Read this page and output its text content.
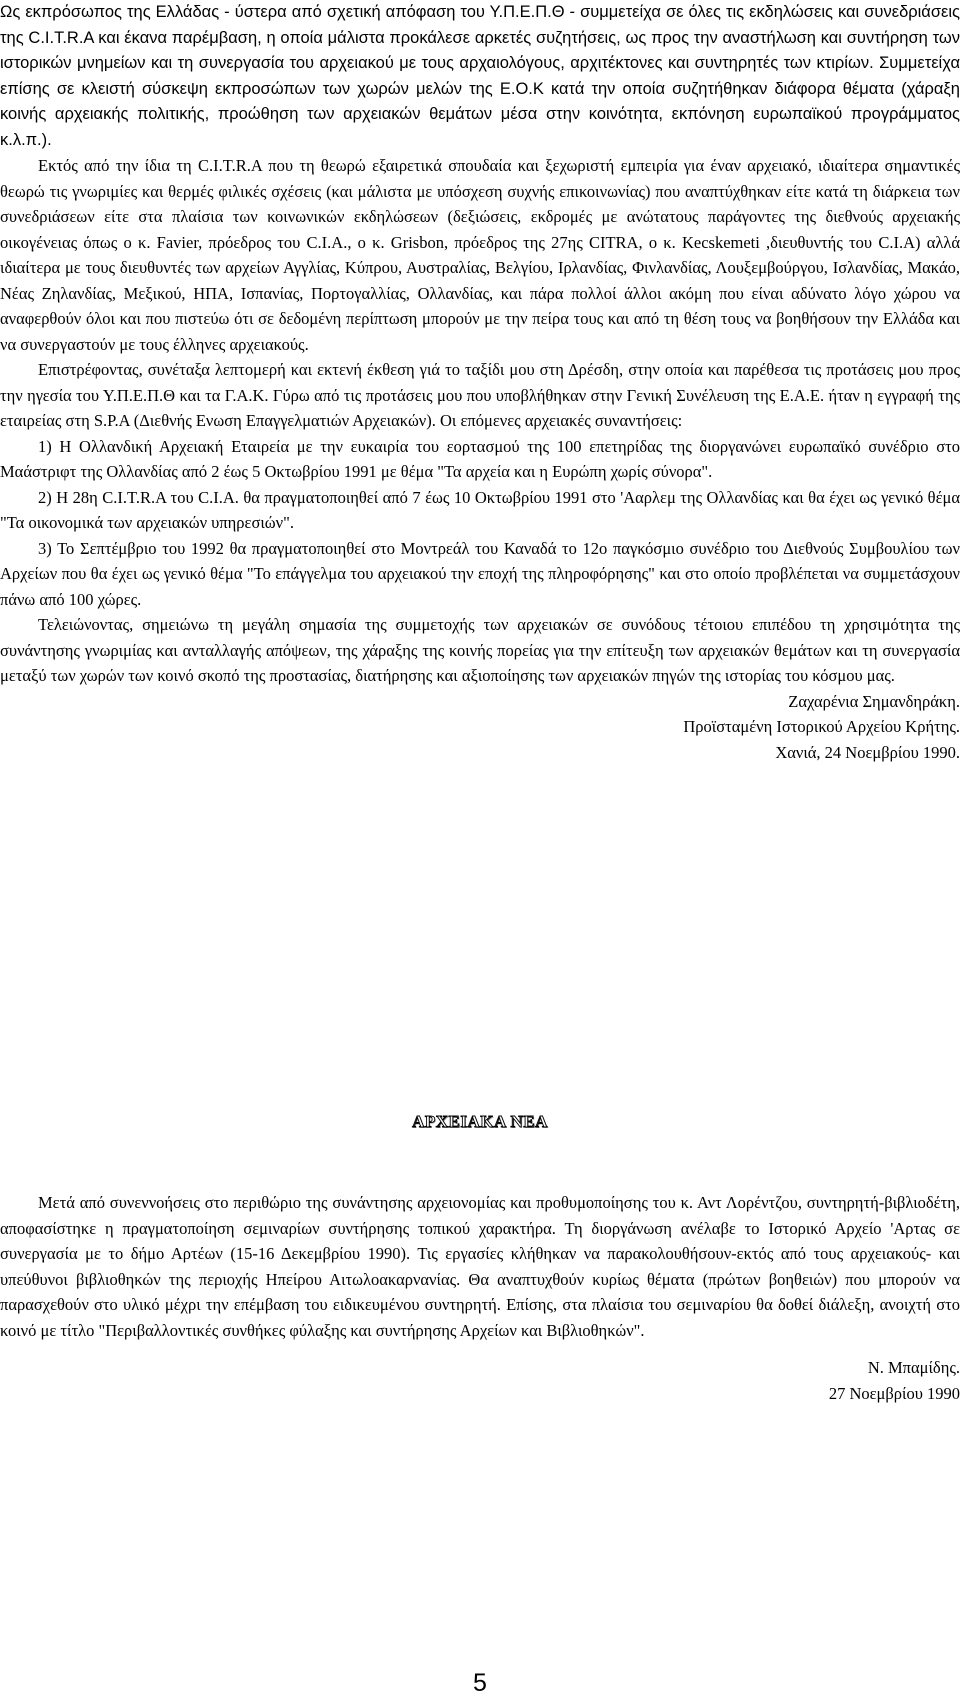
Ως εκπρόσωπος της Ελλάδας - ύστερα από σχετική απόφαση του Υ.Π.Ε.Π.Θ - συμμετείχα σε όλες τις εκδηλώσεις και συνεδριάσεις της C.I.T.R.A και έκανα παρέμβαση, η οποία μάλιστα προκάλεσε αρκετές συζητήσεις, ως προς την αναστήλωση και συντήρηση των ιστορικών μνημείων και τη συνεργασία του αρχειακού με τους αρχαιολόγους, αρχιτέκτονες και συντηρητές των κτιρίων. Συμμετείχα επίσης σε κλειστή σύσκεψη εκπροσώπων των χωρών μελών της Ε.Ο.Κ κατά την οποία συζητήθηκαν διάφορα θέματα (χάραξη κοινής αρχειακής πολιτικής, προώθηση των αρχειακών θεμάτων μέσα στην κοινότητα, εκπόνηση ευρωπαϊκού προγράμματος κ.λ.π.).

Εκτός από την ίδια τη C.I.T.R.A που τη θεωρώ εξαιρετικά σπουδαία και ξεχωριστή εμπειρία για έναν αρχειακό, ιδιαίτερα σημαντικές θεωρώ τις γνωριμίες και θερμές φιλικές σχέσεις (και μάλιστα με υπόσχεση συχνής επικοινωνίας) που αναπτύχθηκαν είτε κατά τη διάρκεια των συνεδριάσεων είτε στα πλαίσια των κοινωνικών εκδηλώσεων (δεξιώσεις, εκδρομές με ανώτατους παράγοντες της διεθνούς αρχειακής οικογένειας όπως ο κ. Favier, πρόεδρος του C.I.A., ο κ. Grisbon, πρόεδρος της 27ης CITRA, ο κ. Kecskemeti ,διευθυντής του C.I.A) αλλά ιδιαίτερα με τους διευθυντές των αρχείων Αγγλίας, Κύπρου, Αυστραλίας, Βελγίου, Ιρλανδίας, Φινλανδίας, Λουξεμβούργου, Ισλανδίας, Μακάο, Νέας Ζηλανδίας, Μεξικού, ΗΠΑ, Ισπανίας, Πορτογαλλίας, Ολλανδίας, και πάρα πολλοί άλλοι ακόμη που είναι αδύνατο λόγο χώρου να αναφερθούν όλοι και που πιστεύω ότι σε δεδομένη περίπτωση μπορούν με την πείρα τους και από τη θέση τους να βοηθήσουν την Ελλάδα και να συνεργαστούν με τους έλληνες αρχειακούς.

Επιστρέφοντας, συνέταξα λεπτομερή και εκτενή έκθεση γιά το ταξίδι μου στη Δρέσδη, στην οποία και παρέθεσα τις προτάσεις μου προς την ηγεσία του Υ.Π.Ε.Π.Θ και τα Γ.Α.Κ. Γύρω από τις προτάσεις μου που υποβλήθηκαν στην Γενική Συνέλευση της Ε.Α.Ε. ήταν η εγγραφή της εταιρείας στη S.P.A (Διεθνής Ενωση Επαγγελματιών Αρχειακών). Οι επόμενες αρχειακές συναντήσεις:

1) Η Ολλανδική Αρχειακή Εταιρεία με την ευκαιρία του εορτασμού της 100 επετηρίδας της διοργανώνει ευρωπαϊκό συνέδριο στο Μαάστριφτ της Ολλανδίας από 2 έως 5 Οκτωβρίου 1991 με θέμα "Τα αρχεία και η Ευρώπη χωρίς σύνορα".

2) Η 28η C.I.T.R.A του C.I.A. θα πραγματοποιηθεί από 7 έως 10 Οκτωβρίου 1991 στο 'Ααρλεμ της Ολλανδίας και θα έχει ως γενικό θέμα "Τα οικονομικά των αρχειακών υπηρεσιών".

3) Το Σεπτέμβριο του 1992 θα πραγματοποιηθεί στο Μοντρεάλ του Καναδά το 12ο παγκόσμιο συνέδριο του Διεθνούς Συμβουλίου των Αρχείων που θα έχει ως γενικό θέμα "Το επάγγελμα του αρχειακού την εποχή της πληροφόρησης" και στο οποίο προβλέπεται να συμμετάσχουν πάνω από 100 χώρες.

Τελειώνοντας, σημειώνω τη μεγάλη σημασία της συμμετοχής των αρχειακών σε συνόδους τέτοιου επιπέδου τη χρησιμότητα της συνάντησης γνωριμίας και ανταλλαγής απόψεων, της χάραξης της κοινής πορείας για την επίτευξη των αρχειακών θεμάτων και τη συνεργασία μεταξύ των χωρών των κοινό σκοπό της προστασίας, διατήρησης και αξιοποίησης των αρχειακών πηγών της ιστορίας του κόσμου μας.

Ζαχαρένια Σημανδηράκη.
Προϊσταμένη Ιστορικού Αρχείου Κρήτης.
Χανιά, 24 Νοεμβρίου 1990.
ΑΡΧΕΙΑΚΑ ΝΕΑ

Μετά από συνεννοήσεις στο περιθώριο της συνάντησης αρχειονομίας και προθυμοποίησης του κ. Αντ Λορέντζου, συντηρητή-βιβλιοδέτη, αποφασίστηκε η πραγματοποίηση σεμιναρίων συντήρησης τοπικού χαρακτήρα. Τη διοργάνωση ανέλαβε το Ιστορικό Αρχείο 'Αρτας σε συνεργασία με το δήμο Αρτέων (15-16 Δεκεμβρίου 1990). Τις εργασίες κλήθηκαν να παρακολουθήσουν-εκτός από τους αρχειακούς- και υπεύθυνοι βιβλιοθηκών της περιοχής Ηπείρου Αιτωλοακαρνανίας. Θα αναπτυχθούν κυρίως θέματα (πρώτων βοηθειών) που μπορούν να παρασχεθούν στο υλικό μέχρι την επέμβαση του ειδικευμένου συντηρητή. Επίσης, στα πλαίσια του σεμιναρίου θα δοθεί διάλεξη, ανοιχτή στο κοινό με τίτλο "Περιβαλλοντικές συνθήκες φύλαξης και συντήρησης Αρχείων και Βιβλιοθηκών".

Ν. Μπαμίδης.
27 Νοεμβρίου 1990
5
